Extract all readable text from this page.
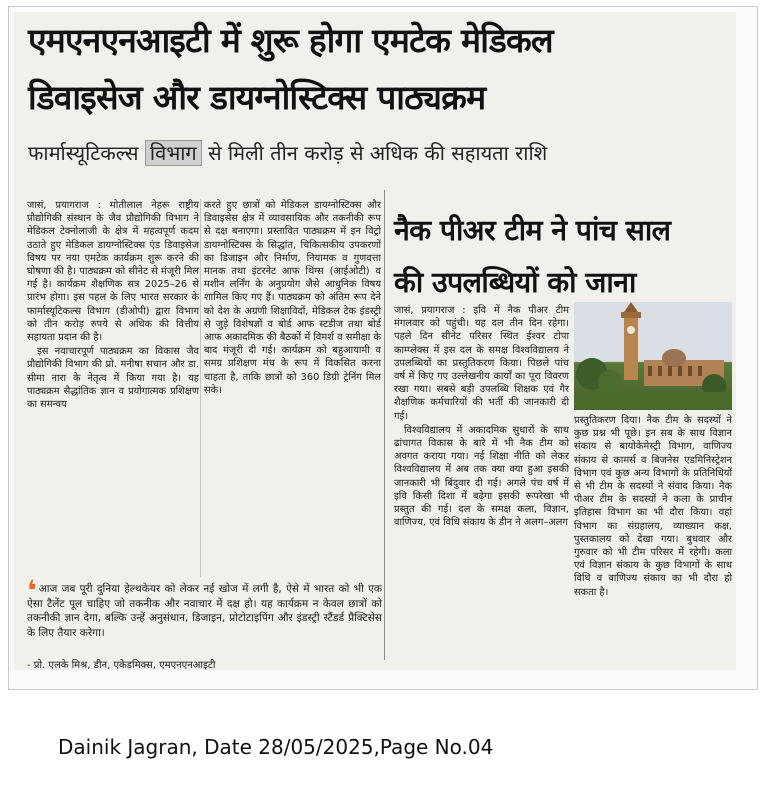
एमएनएनआइटी में शुरू होगा एमटेक मेडिकल
डिवाइसेज और डायग्नोस्टिक्स पाठ्यक्रम
फार्मास्यूटिकल्स विभाग से मिली तीन करोड़ से अधिक की सहायता राशि

जासं, प्रयागराज : मोतीलाल नेहरू राष्ट्रीय प्रौद्योगिकी संस्थान के जैव प्रौद्योगिकी विभाग ने मेडिकल टेक्नोलाजी के क्षेत्र में महत्वपूर्ण कदम उठाते हुए मेडिकल डायग्नोस्टिक्स एंड डिवाइसेज विषय पर नया एमटेक कार्यक्रम शुरू करने की घोषणा की है। पाठ्यक्रम को सीनेट से मंजूरी मिल गई है। कार्यक्रम शैक्षणिक सत्र 2025–26 से प्रारंभ होगा। इस पहल के लिए भारत सरकार के फार्मास्यूटिकल्स विभाग (डीओपी) द्वारा विभाग को तीन करोड़ रुपये से अधिक की वित्तीय सहायता प्रदान की है।

इस नवाचारपूर्ण पाठ्यक्रम का विकास जैव प्रौद्योगिकी विभाग की प्रो. मनीषा सचान और डा. सीमा नारा के नेतृत्व में किया गया है। यह पाठ्यक्रम सैद्धांतिक ज्ञान व प्रयोगात्मक प्रशिक्षण का समन्वय

करते हुए छात्रों को मेडिकल डायग्नोस्टिक्स और डिवाइसेस क्षेत्र में व्यावसायिक और तकनीकी रूप से दक्ष बनाएगा। प्रस्तावित पाठ्यक्रम में इन विट्रो डायग्नोस्टिक्स के सिद्धांत, चिकित्सकीय उपकरणों का डिजाइन और निर्माण, नियामक व गुणवत्ता मानक तथा इंटरनेट आफ थिंग्स (आईओटी) व मशीन लर्निंग के अनुप्रयोग जैसे आधुनिक विषय शामिल किए गए हैं। पाठ्यक्रम को अंतिम रूप देने को देश के अग्रणी शिक्षाविदों, मेडिकल टेक इंडस्ट्री से जुड़े विशेषज्ञों व बोर्ड आफ स्टडीज तथा बोर्ड आफ अकादमिक की बैठकों में विमर्श व समीक्षा के बाद मंजूरी दी गई। कार्यक्रम को बहुआयामी व समग्र प्रशिक्षण मंच के रूप में विकसित करना चाहता है, ताकि छात्रों को 360 डिग्री ट्रेनिंग मिल सके।

❛ आज जब पूरी दुनिया हेल्थकेयर को लेकर नई खोज में लगी है, ऐसे में भारत को भी एक ऐसा टैलेंट पूल चाहिए जो तकनीक और नवाचार में दक्ष हो। यह कार्यक्रम न केवल छात्रों को तकनीकी ज्ञान देगा, बल्कि उन्हें अनुसंधान, डिजाइन, प्रोटोटाइपिंग और इंडस्ट्री स्टैंडर्ड प्रैक्टिसेस के लिए तैयार करेगा।
- प्रो. एलके मिश्र, डीन, एकेडमिक्स, एमएनएनआइटी
नैक पीअर टीम ने पांच साल
की उपलब्धियों को जाना

जासं, प्रयागराज : इवि में नैक पीअर टीम मंगलवार को पहुंची। यह दल तीन दिन रहेगा। पहले दिन सीनेट परिसर स्थित ईश्वर टोपा काम्प्लेक्स में इस दल के समक्ष विश्वविद्यालय ने उपलब्धियों का प्रस्तुतिकरण किया। पिछले पांच वर्ष में किए गए उल्लेखनीय कार्यों का पूरा विवरण रखा गया। सबसे बड़ी उपलब्धि शिक्षक एवं गैर शैक्षणिक कर्मचारियों की भर्ती की जानकारी दी गई।

विश्वविद्यालय में अकादमिक सुधारों के साथ ढांचागत विकास के बारे में भी नैक टीम को अवगत कराया गया। नई शिक्षा नीति को लेकर विश्वविद्यालय में अब तक क्या क्या हुआ इसकी जानकारी भी बिंदुवार दी गई। अगले पंच वर्ष में इवि किसी दिशा में बढ़ेगा इसकी रूपरेखा भी प्रस्तुत की गई। दल के समक्ष कला, विज्ञान, वाणिज्य, एवं विधि संकाय के डीन ने अलग–अलग

प्रस्तुतिकरण दिया। नैक टीम के सदस्यों ने कुछ प्रश्न भी पूछे। इन सब के साथ विज्ञान संकाय से बायोकेमेस्ट्री विभाग, वाणिज्य संकाय से कामर्स व बिजनेस एडमिनिस्ट्रेशन विभाग एवं कुछ अन्य विभागों के प्रतिनिधियों से भी टीम के सदस्यों ने संवाद किया। नैक पीअर टीम के सदस्यों ने कला के प्राचीन इतिहास विभाग का भी दौरा किया। वहां विभाग का संग्रहालय, व्याख्यान कक्ष, पुस्तकालय को देखा गया। बुधवार और गुरुवार को भी टीम परिसर में रहेगी। कला एवं विज्ञान संकाय के कुछ विभागों के साथ विधि व वाणिज्य संकाय का भी दौरा हो सकता है।

Dainik Jagran, Date 28/05/2025,Page No.04
